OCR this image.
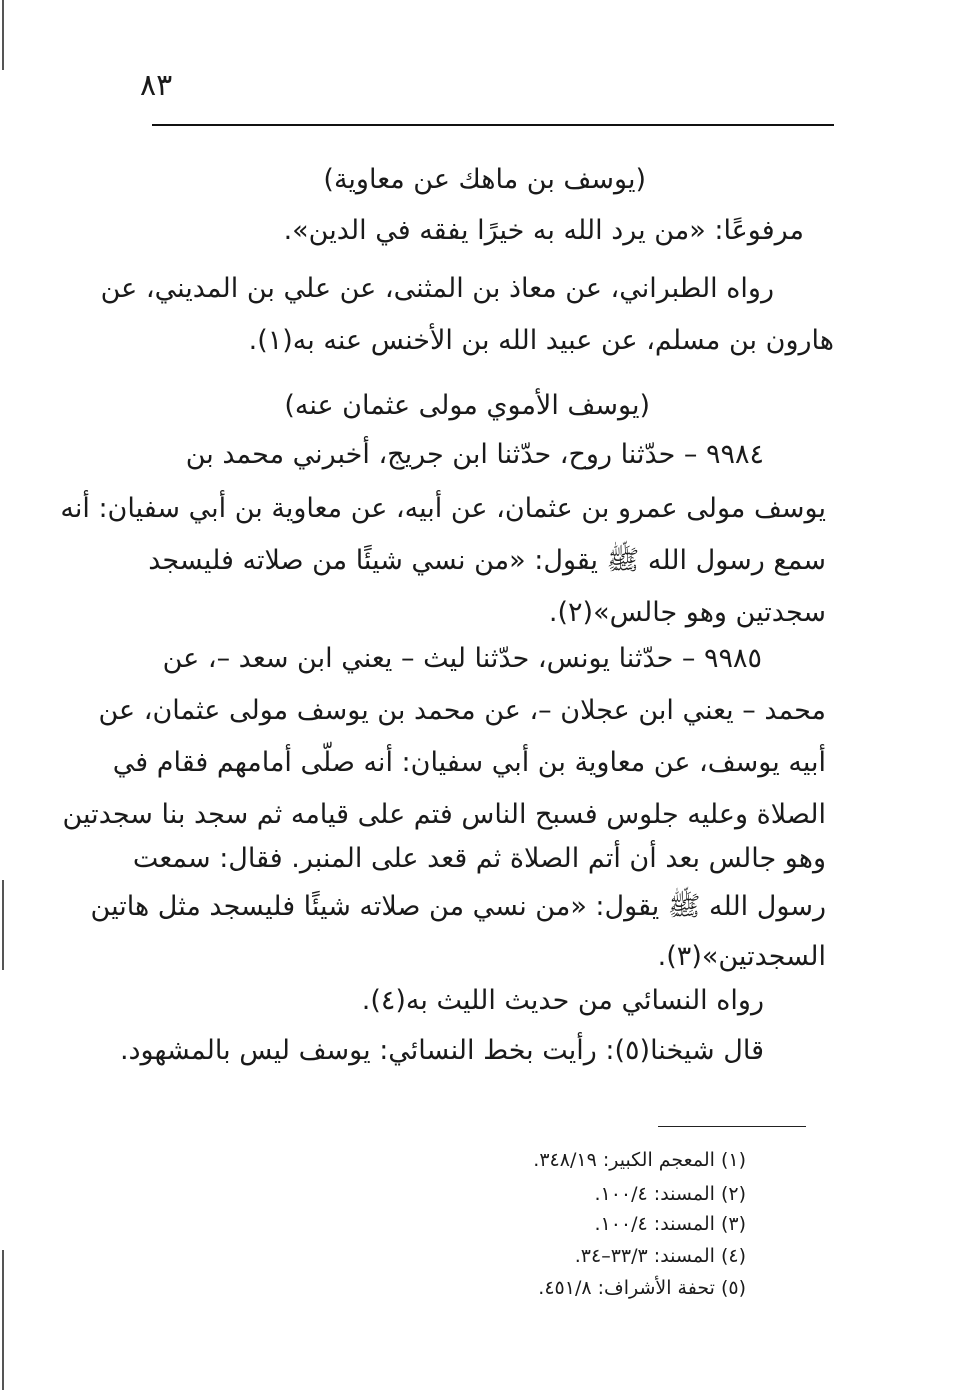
٨٣
(يوسف بن ماهك عن معاوية)
مرفوعًا: «من يرد الله به خيرًا يفقه في الدين».
رواه الطبراني، عن معاذ بن المثنى، عن علي بن المديني، عن
هارون بن مسلم، عن عبيد الله بن الأخنس عنه به(١).
(يوسف الأموي مولى عثمان عنه)
٩٩٨٤ – حدّثنا روح، حدّثنا ابن جريج، أخبرني محمد بن
يوسف مولى عمرو بن عثمان، عن أبيه، عن معاوية بن أبي سفيان: أنه
سمع رسول الله ﷺ يقول: «من نسي شيئًا من صلاته فليسجد
سجدتين وهو جالس»(٢).
٩٩٨٥ – حدّثنا يونس، حدّثنا ليث – يعني ابن سعد –، عن
محمد – يعني ابن عجلان –، عن محمد بن يوسف مولى عثمان، عن
أبيه يوسف، عن معاوية بن أبي سفيان: أنه صلّى أمامهم فقام في
الصلاة وعليه جلوس فسبح الناس فتم على قيامه ثم سجد بنا سجدتين
وهو جالس بعد أن أتم الصلاة ثم قعد على المنبر. فقال: سمعت
رسول الله ﷺ يقول: «من نسي من صلاته شيئًا فليسجد مثل هاتين
السجدتين»(٣).
رواه النسائي من حديث الليث به(٤).
قال شيخنا(٥): رأيت بخط النسائي: يوسف ليس بالمشهود.
(١) المعجم الكبير: ٣٤٨/١٩.
(٢) المسند: ١٠٠/٤.
(٣) المسند: ١٠٠/٤.
(٤) المسند: ٣٣/٣–٣٤.
(٥) تحفة الأشراف: ٤٥١/٨.
